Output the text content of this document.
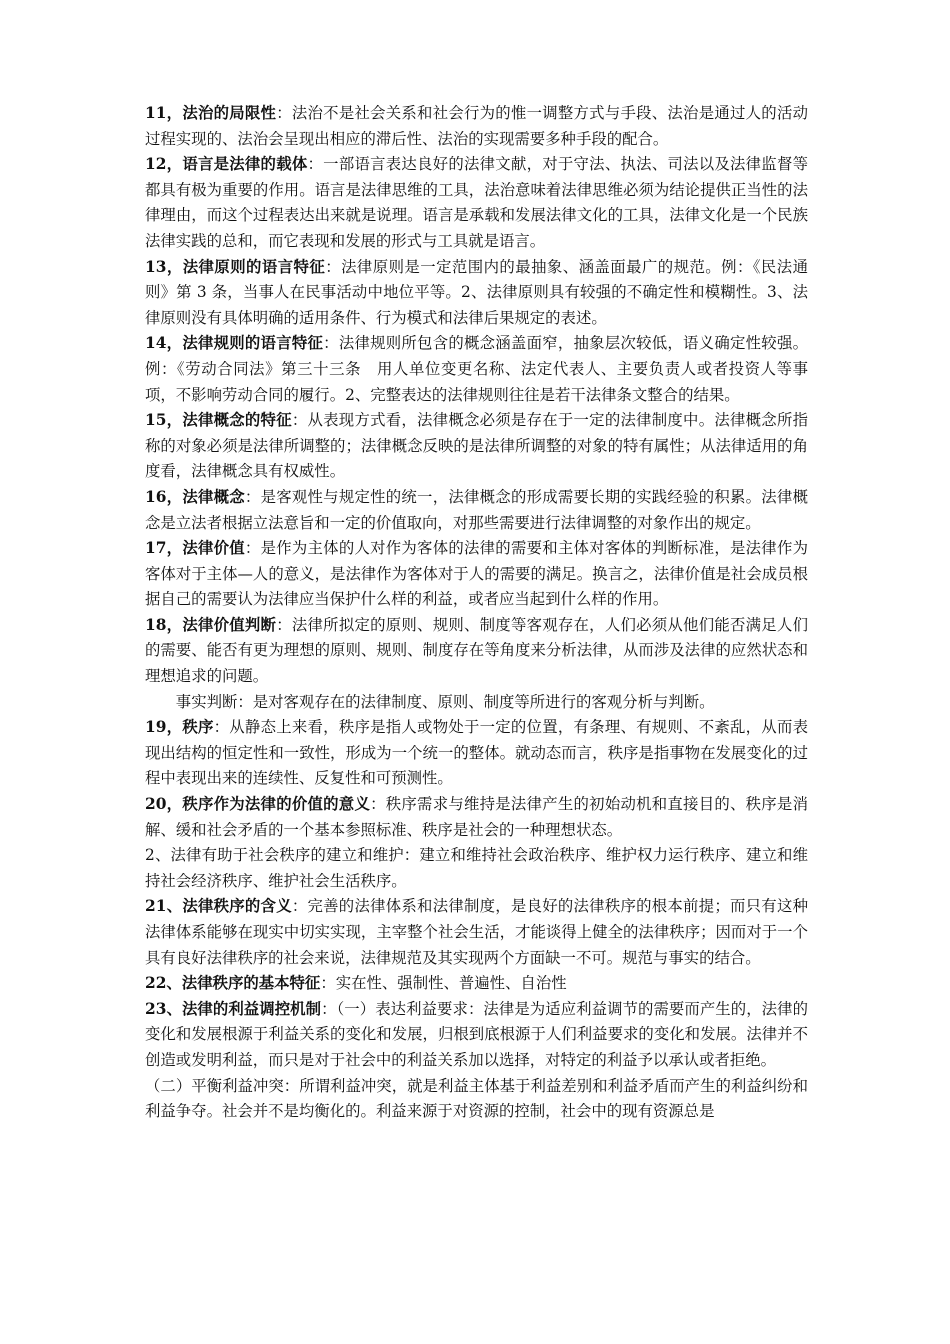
11，法治的局限性：法治不是社会关系和社会行为的惟一调整方式与手段、法治是通过人的活动过程实现的、法治会呈现出相应的滞后性、法治的实现需要多种手段的配合。

12，语言是法律的载体：一部语言表达良好的法律文献，对于守法、执法、司法以及法律监督等都具有极为重要的作用。语言是法律思维的工具，法治意味着法律思维必须为结论提供正当性的法律理由，而这个过程表达出来就是说理。语言是承载和发展法律文化的工具，法律文化是一个民族法律实践的总和，而它表现和发展的形式与工具就是语言。

13，法律原则的语言特征：法律原则是一定范围内的最抽象、涵盖面最广的规范。例：《民法通则》第 3 条，当事人在民事活动中地位平等。2、法律原则具有较强的不确定性和模糊性。3、法律原则没有具体明确的适用条件、行为模式和法律后果规定的表述。

14，法律规则的语言特征：法律规则所包含的概念涵盖面窄，抽象层次较低，语义确定性较强。例：《劳动合同法》第三十三条　用人单位变更名称、法定代表人、主要负责人或者投资人等事项，不影响劳动合同的履行。2、完整表达的法律规则往往是若干法律条文整合的结果。

15，法律概念的特征：从表现方式看，法律概念必须是存在于一定的法律制度中。法律概念所指称的对象必须是法律所调整的；法律概念反映的是法律所调整的对象的特有属性；从法律适用的角度看，法律概念具有权威性。

16，法律概念：是客观性与规定性的统一，法律概念的形成需要长期的实践经验的积累。法律概念是立法者根据立法意旨和一定的价值取向，对那些需要进行法律调整的对象作出的规定。

17，法律价值：是作为主体的人对作为客体的法律的需要和主体对客体的判断标准，是法律作为客体对于主体—人的意义，是法律作为客体对于人的需要的满足。换言之，法律价值是社会成员根据自己的需要认为法律应当保护什么样的利益，或者应当起到什么样的作用。

18，法律价值判断：法律所拟定的原则、规则、制度等客观存在，人们必须从他们能否满足人们的需要、能否有更为理想的原则、规则、制度存在等角度来分析法律，从而涉及法律的应然状态和理想追求的问题。

事实判断：是对客观存在的法律制度、原则、制度等所进行的客观分析与判断。

19，秩序：从静态上来看，秩序是指人或物处于一定的位置，有条理、有规则、不紊乱，从而表现出结构的恒定性和一致性，形成为一个统一的整体。就动态而言，秩序是指事物在发展变化的过程中表现出来的连续性、反复性和可预测性。

20，秩序作为法律的价值的意义：秩序需求与维持是法律产生的初始动机和直接目的、秩序是消解、缓和社会矛盾的一个基本参照标准、秩序是社会的一种理想状态。

2、法律有助于社会秩序的建立和维护：建立和维持社会政治秩序、维护权力运行秩序、建立和维持社会经济秩序、维护社会生活秩序。

21、法律秩序的含义：完善的法律体系和法律制度，是良好的法律秩序的根本前提；而只有这种法律体系能够在现实中切实实现，主宰整个社会生活，才能谈得上健全的法律秩序；因而对于一个具有良好法律秩序的社会来说，法律规范及其实现两个方面缺一不可。规范与事实的结合。

22、法律秩序的基本特征：实在性、强制性、普遍性、自治性

23、法律的利益调控机制：（一）表达利益要求：法律是为适应利益调节的需要而产生的，法律的变化和发展根源于利益关系的变化和发展，归根到底根源于人们利益要求的变化和发展。法律并不创造或发明利益，而只是对于社会中的利益关系加以选择，对特定的利益予以承认或者拒绝。

（二）平衡利益冲突：所谓利益冲突，就是利益主体基于利益差别和利益矛盾而产生的利益纠纷和利益争夺。社会并不是均衡化的。利益来源于对资源的控制，社会中的现有资源总是
